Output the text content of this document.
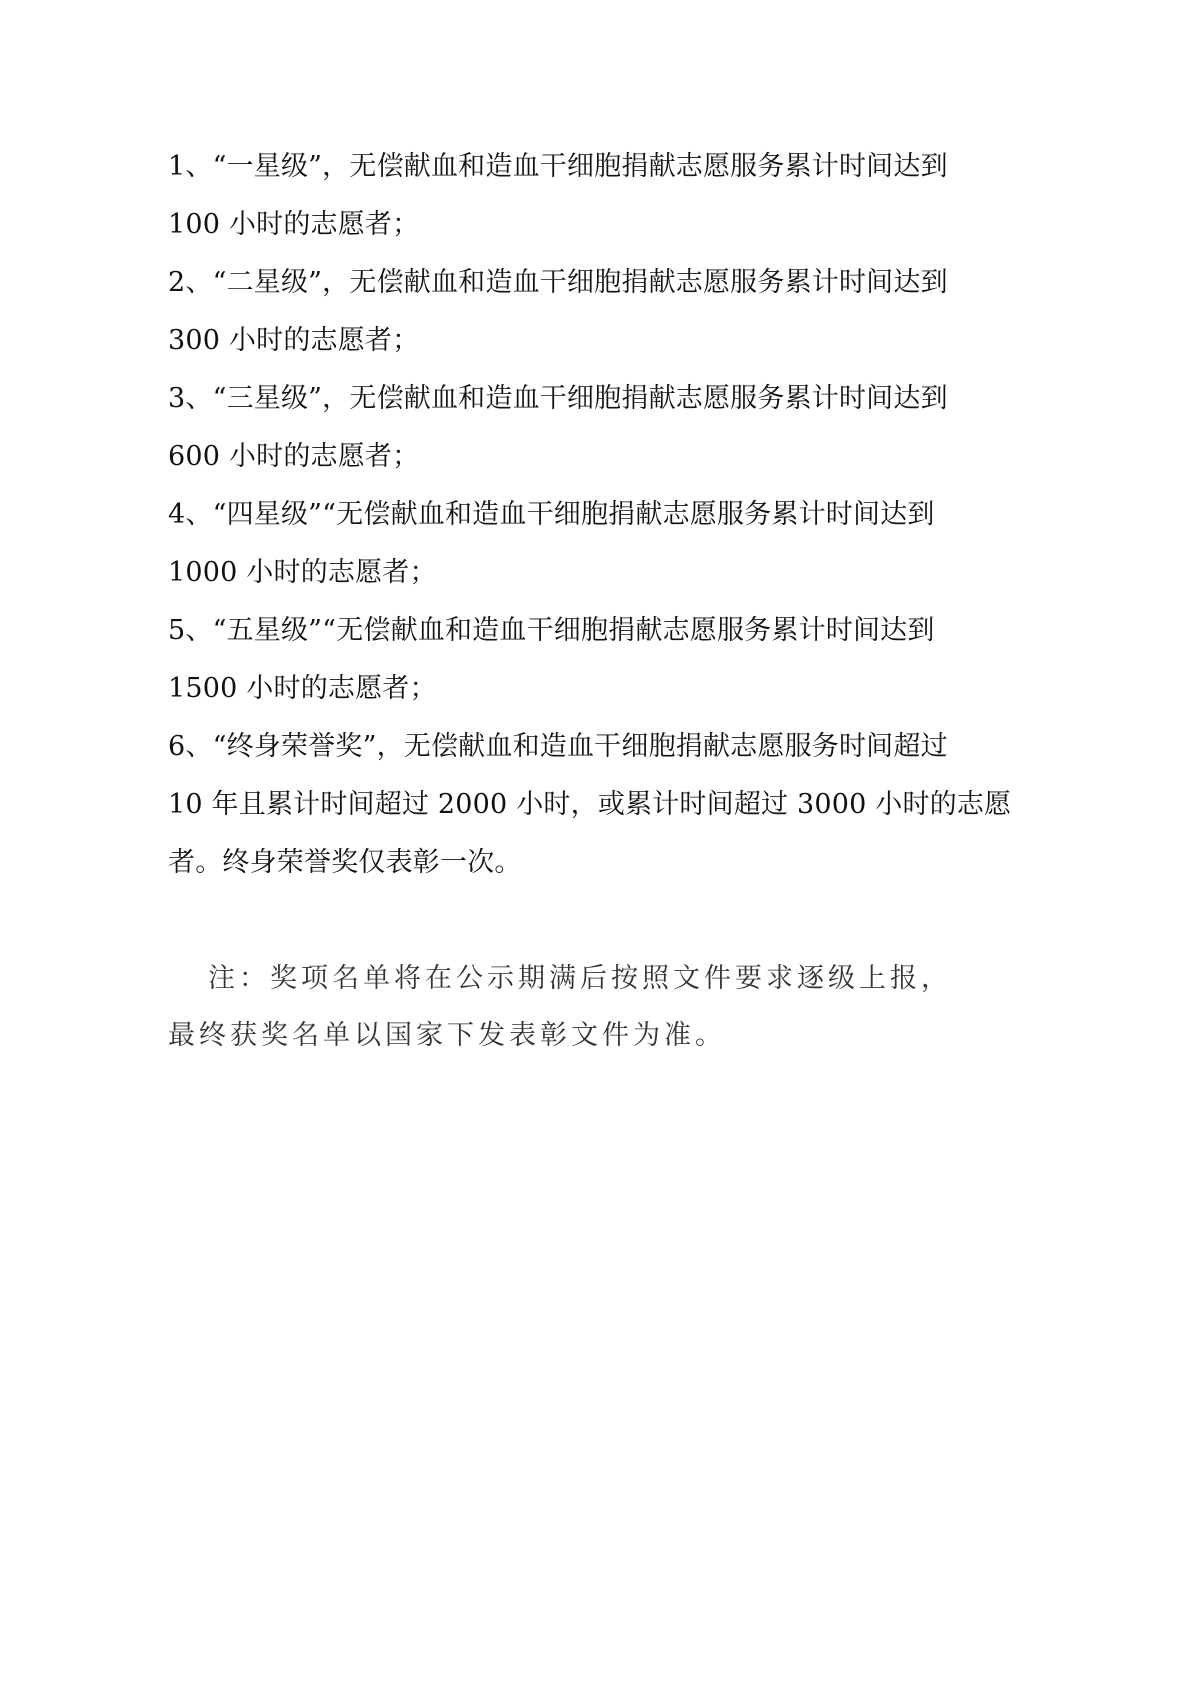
1、“一星级”，无偿献血和造血干细胞捐献志愿服务累计时间达到
100 小时的志愿者；
2、“二星级”，无偿献血和造血干细胞捐献志愿服务累计时间达到
300 小时的志愿者；
3、“三星级”，无偿献血和造血干细胞捐献志愿服务累计时间达到
600 小时的志愿者；
4、“四星级”“无偿献血和造血干细胞捐献志愿服务累计时间达到
1000 小时的志愿者；
5、“五星级”“无偿献血和造血干细胞捐献志愿服务累计时间达到
1500 小时的志愿者；
6、“终身荣誉奖”，无偿献血和造血干细胞捐献志愿服务时间超过
10 年且累计时间超过 2000 小时，或累计时间超过 3000 小时的志愿
者。终身荣誉奖仅表彰一次。
注：奖项名单将在公示期满后按照文件要求逐级上报，
最终获奖名单以国家下发表彰文件为准。
